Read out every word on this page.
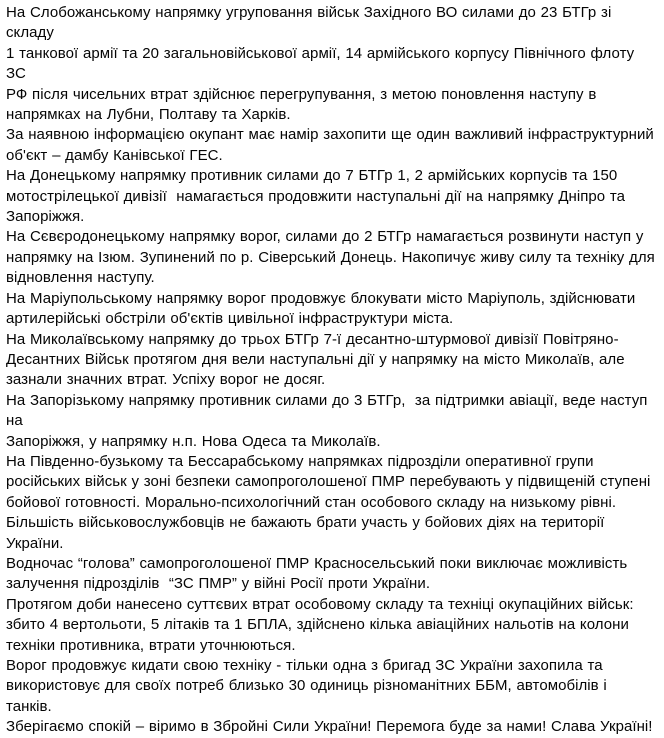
На Слобожанському напрямку угруповання військ Західного ВО силами до 23 БТГр зі складу
1 танкової армії та 20 загальновійськової армії, 14 армійського корпусу Північного флоту ЗС
РФ після чисельних втрат здійснює перегрупування, з метою поновлення наступу в
напрямках на Лубни, Полтаву та Харків.

За наявною інформацією окупант має намір захопити ще один важливий інфраструктурний
об'єкт – дамбу Канівської ГЕС.

На Донецькому напрямку противник силами до 7 БТГр 1, 2 армійських корпусів та 150
мотострілецької дивізії  намагається продовжити наступальні дії на напрямку Дніпро та
Запоріжжя.

На Сєвєродонецькому напрямку ворог, силами до 2 БТГр намагається розвинути наступ у
напрямку на Ізюм. Зупинений по р. Сіверський Донець. Накопичує живу силу та техніку для
відновлення наступу.

На Маріупольському напрямку ворог продовжує блокувати місто Маріуполь, здійснювати
артилерійські обстріли об'єктів цивільної інфраструктури міста.

На Миколаївському напрямку до трьох БТГр 7-ї десантно-штурмової дивізії Повітряно-
Десантних Військ протягом дня вели наступальні дії у напрямку на місто Миколаїв, але
зазнали значних втрат. Успіху ворог не досяг.

На Запорізькому напрямку противник силами до 3 БТГр,  за підтримки авіації, веде наступ на
Запоріжжя, у напрямку н.п. Нова Одеса та Миколаїв.

На Південно-бузькому та Бессарабському напрямках підрозділи оперативної групи
російських військ у зоні безпеки самопроголошеної ПМР перебувають у підвищеній ступені
бойової готовності. Морально-психологічний стан особового складу на низькому рівні.

Більшість військовослужбовців не бажають брати участь у бойових діях на території України.

Водночас “голова” самопроголошеної ПМР Красносельський поки виключає можливість
залучення підрозділів  “ЗС ПМР” у війні Росії проти України.

Протягом доби нанесено суттєвих втрат особовому складу та техніці окупаційних військ:
збито 4 вертольоти, 5 літаків та 1 БПЛА, здійснено кілька авіаційних нальотів на колони
техніки противника, втрати уточнюються.

Ворог продовжує кидати свою техніку - тільки одна з бригад ЗС України захопила та
використовує для своїх потреб близько 30 одиниць різноманітних ББМ, автомобілів і танків.

Зберігаємо спокій – віримо в Збройні Сили України! Перемога буде за нами! Слава Україні!
